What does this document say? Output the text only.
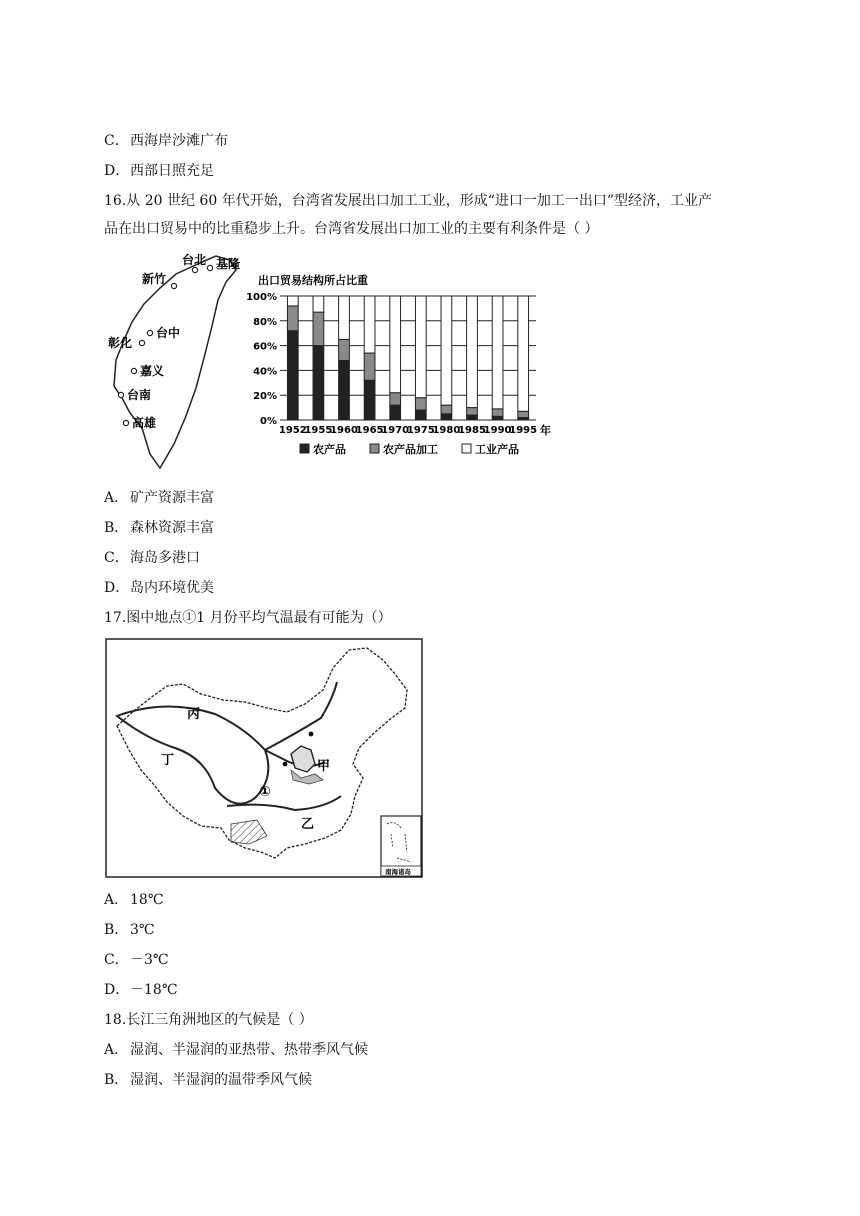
C．西海岸沙滩广布
D．西部日照充足
16.从 20 世纪 60 年代开始，台湾省发展出口加工工业，形成“进口一加工一出口”型经济，工业产
品在出口贸易中的比重稳步上升。台湾省发展出口加工业的主要有利条件是（ ）
台北 基隆
新竹
台中
彰化
嘉义
台南
高雄
出口贸易结构所占比重
1952
1955
1960
1965
1970
1975
1980
1985
1990
1995
0%
20%
40%
60%
80%
100%
年
农产品	农产品加工	工业产品
A． 矿产资源丰富
B． 森林资源丰富
C．海岛多港口
D．岛内环境优美
17.图中地点①1 月份平均气温最有可能为（）
丙
丁	甲
乙
①
南海诸岛
A． 18℃
B． 3℃
C．－3℃
D．－18℃
18.长江三角洲地区的气候是（ ）
A． 湿润、半湿润的亚热带、热带季风气候
B． 湿润、半湿润的温带季风气候
